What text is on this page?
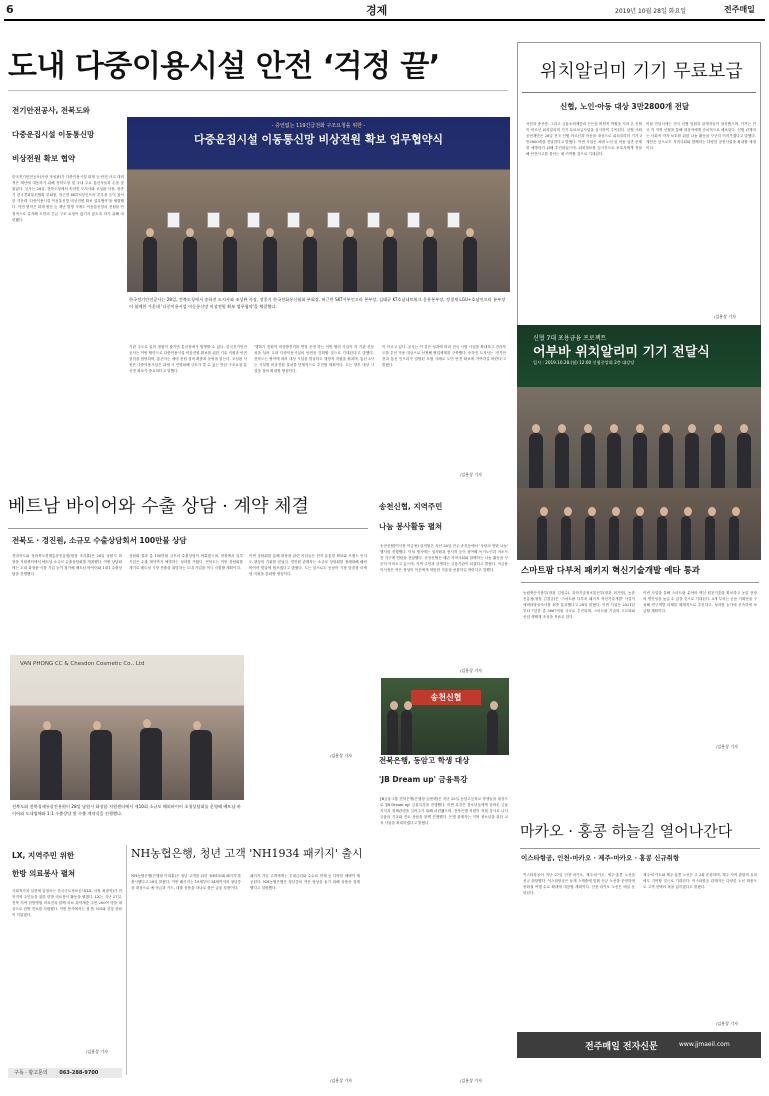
6	경제	2019년 10월 28일 화요일	전주매일
도내 다중이용시설 안전 ‘걱정 끝’
전기안전공사, 전북도와
다중운집시설 이동통신망
비상전원 확보 협약
- 증언없는 119긴급전화 구조요청을 위한 -
다중운집시설 이동통신망 비상전원 확보 업무협약식
한국전기안전공사는 28일, 전북도청에서 송하진 도지사와 조성완 사장, 장종기 한국전화통신협회 부회장, 허근만 SKT서부인프라 본부장, 김태균 KT호남네트워크 운용본부장, 정경재 LGU+호남인프라 분부장이 함께한 가운데 '다중이용시설 이동통신망 비상전원 확보 업무협약'을 체결했다.

한국전기안전공사(사장 조성완)가 다중이용시설 화재 등 안전 사고 대비 적은 재난에 대응하기 위해 전북도청 및 국내 주요 통신사들과 손을 맞잡았다. 공사는 28일, 전북도청에서 송하진 도지사와 조성완 사장, 장종기 한국전화통신협회 부회장, 허근만 SKT서부인프라 본부장 등이 참석한 가운데 '다중이용시설 이동통신망 비상전원 확보 업무협약'을 체결했다. 이번 협약은 화재·정전 등 재난 발생 시에도 이동통신망의 전원을 안정적으로 유지해 도민의 긴급 구조 요청이 끊기지 않도록 하기 위해 마련됐다.

기관 주도로 있어 정원이 줄기면 통신장애가 발생할 수 있다. 한국전기안전공사는 이번 협약으로 다중이용시설 비상전원 확보를 위한 기술 지원과 안전 점검을 담당하며, 통신사는 예비 전원 설비 확충과 운영을 맡는다. 조성완 사장은 다중이용시설은 화재 시 인명피해 규모가 클 수 있는 만큼 구조요청 통신망 확보가 중요하다고 말했다.

'행복기 전원이 비상방전기를 연결 운영 하는 이번 협력 사업이 각 기관 전문성을 살려 도내 다중이용시설의 안전을 강화할 것으로 기대된다'고 말했다. 전북도는 협약에 따라 대상 시설을 발굴하고 행정적 지원을 펼치며, 통신 3사는 시설별 비상전원 설치를 단계적으로 추진할 계획이다. 도는 향후 대상 시설을 점차 확대할 방침이다.

이 이르고 있다. 공사는 이 같은 성과에 따라 전국 시범 사업을 확대하고 전라북도를 우선 적용 대상으로 선정해 협업체계를 구축했다. 송하진 도지사는 '전기안전과 통신 인프라가 결합된 모범 사례로 도민 안전 확보에 기여하길 바란다'고 밝혔다.

/김용상 기자
위치알리미 기기 무료보급
신협, 노인·아동 대상 3만2800개 전달

서민과 중산층, 그리고 금융소외계층의 든든한 버팀목 역할을 지켜 온 신협이 어르신 위치알리미 기기 무료보급사업을 실시하여 주목된다. 신협 사회공헌재단은 28일 전국 신협 어르신과 아동을 대상으로 위치알리미 기기 3만2800개를 전달한다고 밝혔다. 이번 사업은 치매 노인 및 아동 실종 문제를 예방하기 위해 추진되었으며, 위치정보를 실시간으로 보호자에게 전달해 안전사고를 줄이는 데 기여할 것으로 기대된다.

이날 전달식에는 전국 신협 임원과 관계자들이 참석했으며, 기기는 전국 각 지역 신협을 통해 대상자에게 순차적으로 배포된다. 신협 관계자는 사회적 약자 보호를 위한 나눔 활동을 꾸준히 이어가겠다고 말했다. 재단은 앞으로도 지역사회와 함께하는 다양한 공헌사업을 확대할 예정이다.

/김용상 기자
신협 7대 포용금융 프로젝트
어부바 위치알리미 기기 전달식
일시 : 2019.10.28.(월) 12:00 신협중앙회 2층 대강당
베트남 바이어와 수출 상담 · 계약 체결
전북도 · 경진원, 소규모 수출상담회서 100만불 상담

전라북도와 전라북도경제통상진흥원(원장 조지훈)은 28일 남원시 화장품 지원센터에서 베트남 소규모 수출상담회를 개최했다. 이번 상담회에는 도내 화장품·식품 기업 등이 참가해 베트남 바이어와 1대1 수출상담을 진행했다.

상담회 결과 총 100만불 규모의 수출상담이 이뤄졌으며, 현장에서 일부 기업은 수출 계약까지 체결하는 성과를 거뒀다. 전북도는 이번 상담회를 계기로 베트남 시장 진출을 희망하는 도내 기업을 적극 지원할 계획이다.

이번 상담회를 통해 화장품 관련 기업들은 현지 유통망 확보와 브랜드 인지도 향상의 기회를 얻었다. 경진원 관계자는 소규모 상담회를 정례화해 해외 바이어 발굴에 힘쓰겠다고 밝혔다. 도는 앞으로도 동남아 시장 맞춤형 마케팅 지원을 강화할 방침이다.

/김용상 기자
VAN PHONG CC & Chesdon Cosmetic Co., Ltd
전북도와 전북경제통상진흥원이 28일 남원시 화장품 지원센터에서 제10회 소규모 해외바이어 초청상담회를 운영해 베트남 바이어와 도내업체와 1:1 수출상담 및 수출 계약식을 진행했다.
송천신협, 지역주민
나눔 봉사활동 펼쳐

송천신협(이사장 이금용) 임직원은 지난 26일 전주 송천동에서 '사랑의 연탄 나눔' 행사를 진행했다. 이날 행사에는 임직원과 봉사자 등이 참여해 독거노인과 저소득층 가구에 연탄을 전달했다. 송천신협은 매년 지역사회와 함께하는 나눔 활동을 꾸준히 이어오고 있으며, 지역 주민과 상생하는 금융기관이 되겠다고 밝혔다. 이금용 이사장은 작은 정성이 이웃에게 따뜻한 겨울을 선물하길 바란다고 말했다.

/김용상 기자
송천신협
전북은행, 동암고 학생 대상
'JB Dream up' 금융특강

JB금융그룹 전북은행(은행장 임용택)은 지난 25일 동암고등학교 학생들을 대상으로 'JB Dream up' 금융특강을 진행했다. 이번 특강은 청소년들에게 올바른 금융 지식과 경제관념을 심어주기 위해 마련됐으며, 전북은행 직원이 직접 강사로 나서 금융의 기초와 진로 상담을 함께 진행했다. 은행 관계자는 지역 청소년을 위한 교육 사업을 확대하겠다고 밝혔다.

/김용상 기자
스마트팜 다부처 패키지 혁신기술개발 예타 통과

농림축산식품부(장관 김현수), 과학기술정보통신부(장관 최기영), 농촌진흥청(청장 김경규)은 '스마트팜 다부처 패키지 혁신기술개발' 사업이 예비타당성조사를 최종 통과했다고 28일 밝혔다. 이번 사업은 2021년부터 7년간 총 3867억원 규모로 추진되며, 스마트팜 기술의 고도화와 산업 생태계 조성을 목표로 한다.

이번 사업을 통해 스마트팜 분야의 핵심 원천기술을 확보하고 농업 현장의 생산성을 높일 수 있을 것으로 기대된다. 3개 부처는 공동 기획단을 구성해 연구개발 과제를 체계적으로 추진하고, 성과를 농가에 신속하게 보급할 계획이다.

/김용상 기자
LX, 지역주민 위한
한방 의료봉사 펼쳐

사회적가치 실현에 앞장서는 한국국토정보공사(LX, 사장 최창학)가 전북지역 주민들을 위한 한방 의료봉사 활동을 펼쳤다. LX는 지난 27일, 전북 지역 한방병원 의료진과 함께 의료 취약계층 주민 200여 명을 대상으로 한방 진료를 지원했다. 이번 봉사에서는 침·뜸 치료와 건강 상담이 이뤄졌다.

/김용상 기자
NH농협은행, 청년 고객 'NH1934 패키지' 출시

NH농협은행(은행장 이대훈)은 청년 고객을 위한 'NH1934 패키지'를 출시했다고 28일 밝혔다. 이번 패키지는 19세부터 34세까지의 청년층을 대상으로 예·적금과 카드, 대출 상품을 하나로 묶은 금융 상품이다.

패키지 가입 고객에게는 우대금리와 수수료 면제 등 다양한 혜택이 제공된다. NH농협은행은 청년층의 자산 형성을 돕기 위해 상품을 설계했다고 설명했다.

/김용상 기자
마카오 · 홍콩 하늘길 열어나간다
이스타항공, 인천-마카오 · 제주-마카오 · 홍콩 신규취항

이스타항공이 지난 27일 인천-마카오, 제주-마카오, 제주-홍콩 노선을 신규 취항했다. 이스타항공은 동계 스케줄에 맞춰 신규 노선을 운항하며 중화권 여행 수요 확대에 대응할 계획이다. 인천-마카오 노선은 매일 운항된다.

제주-마카오와 제주-홍콩 노선은 주 2회 운항하며, 제주 지역 관광객 유치에도 기여할 것으로 기대된다. 이스타항공 관계자는 다양한 노선 확충으로 고객 선택의 폭을 넓히겠다고 밝혔다.

/김용상 기자
구독 · 광고문의 063-288-9700
전주매일 전자신문	www.jjmaeil.com
